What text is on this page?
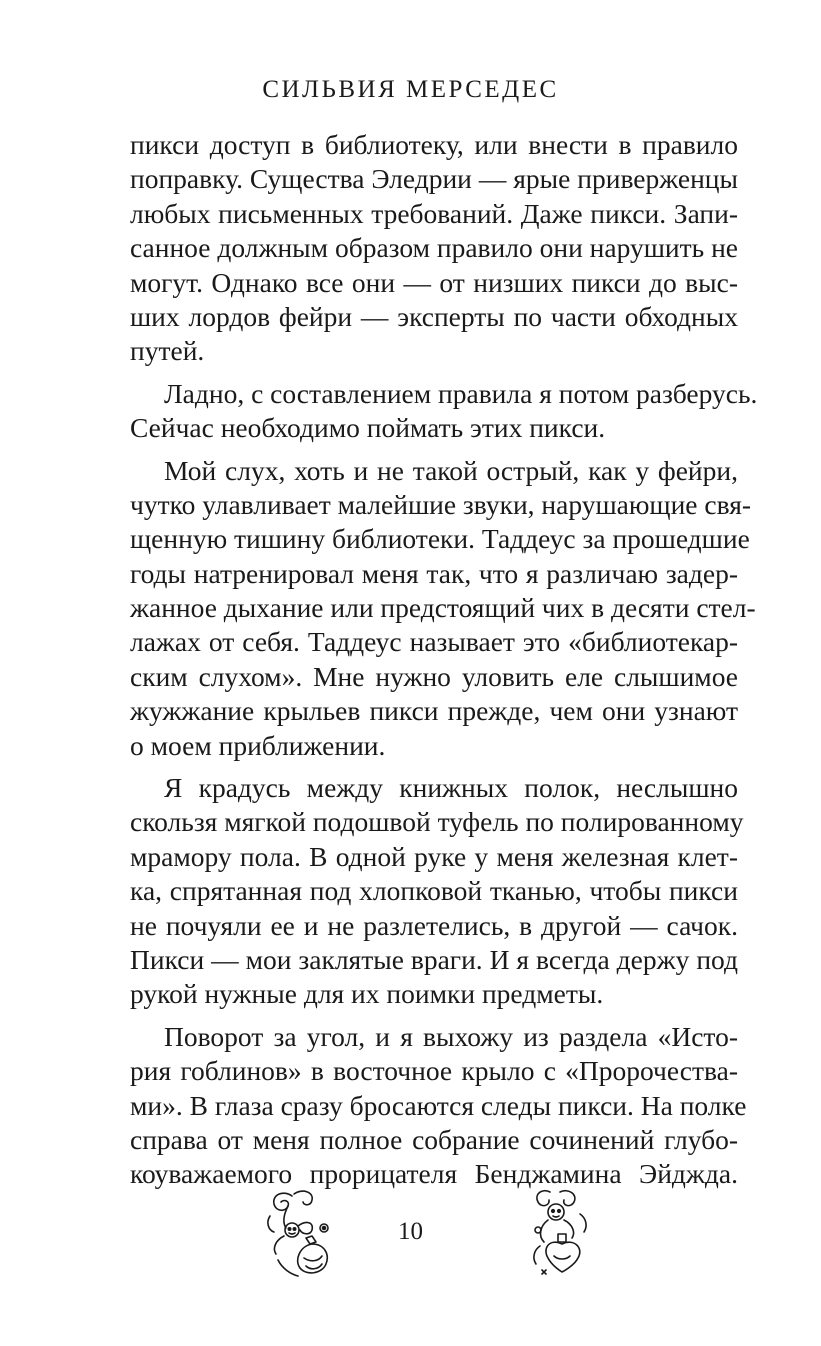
СИЛЬВИЯ МЕРСЕДЕС
пикси доступ в библиотеку, или внести в правило
поправку. Существа Эледрии — ярые приверженцы
любых письменных требований. Даже пикси. Запи-
санное должным образом правило они нарушить не
могут. Однако все они — от низших пикси до выс-
ших лордов фейри — эксперты по части обходных
путей.
Ладно, с составлением правила я потом разберусь.
Сейчас необходимо поймать этих пикси.
Мой слух, хоть и не такой острый, как у фейри,
чутко улавливает малейшие звуки, нарушающие свя-
щенную тишину библиотеки. Таддеус за прошедшие
годы натренировал меня так, что я различаю задер-
жанное дыхание или предстоящий чих в десяти стел-
лажах от себя. Таддеус называет это «библиотекар-
ским слухом». Мне нужно уловить еле слышимое
жужжание крыльев пикси прежде, чем они узнают
о моем приближении.
Я крадусь между книжных полок, неслышно
скользя мягкой подошвой туфель по полированному
мрамору пола. В одной руке у меня железная клет-
ка, спрятанная под хлопковой тканью, чтобы пикси
не почуяли ее и не разлетелись, в другой — сачок.
Пикси — мои заклятые враги. И я всегда держу под
рукой нужные для их поимки предметы.
Поворот за угол, и я выхожу из раздела «Исто-
рия гоблинов» в восточное крыло с «Пророчества-
ми». В глаза сразу бросаются следы пикси. На полке
справа от меня полное собрание сочинений глубо-
коуважаемого прорицателя Бенджамина Эйджда.
10
